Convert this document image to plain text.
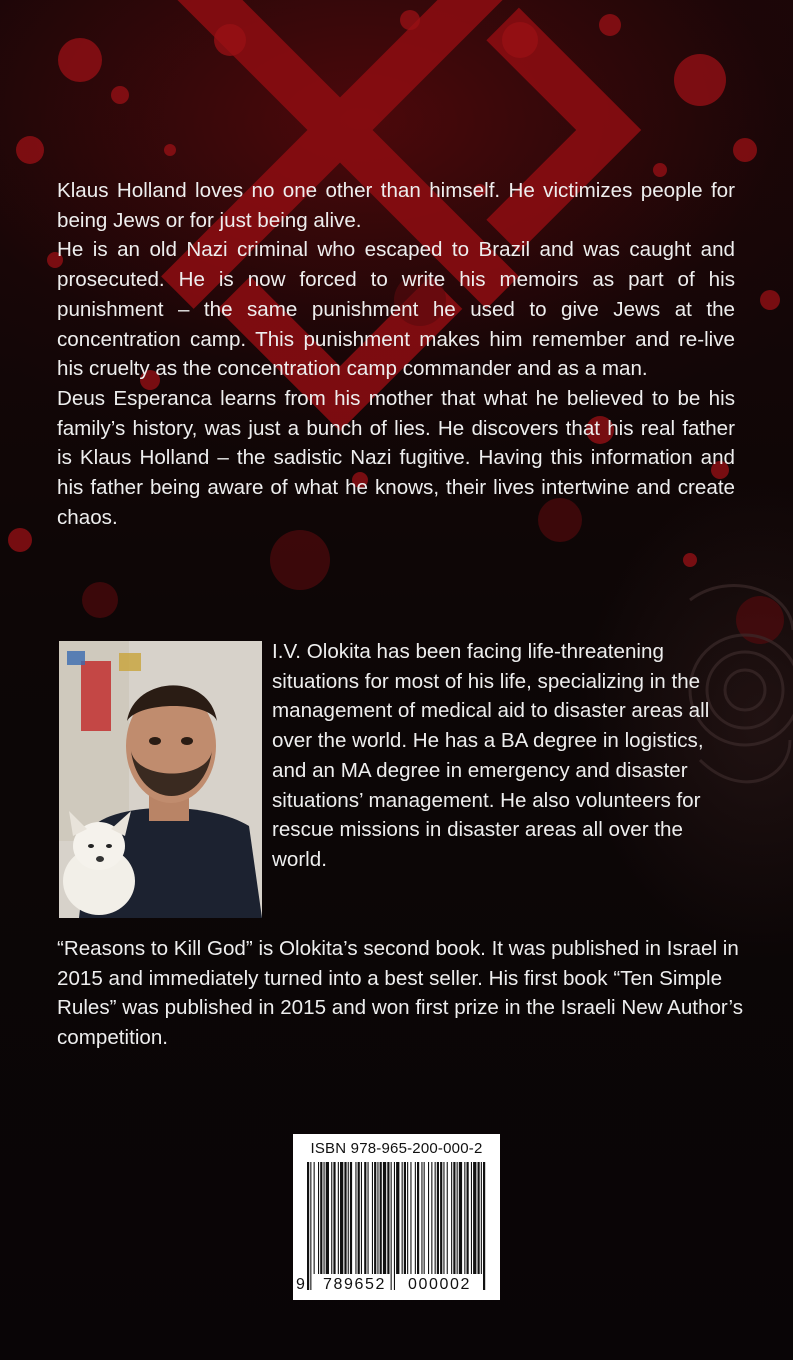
Klaus Holland loves no one other than himself. He victimizes people for being Jews or for just being alive.

He is an old Nazi criminal who escaped to Brazil and was caught and prosecuted. He is now forced to write his memoirs as part of his punishment – the same punishment he used to give Jews at the concentration camp. This punishment makes him remember and re-live his cruelty as the concentration camp commander and as a man.

Deus Esperanca learns from his mother that what he believed to be his family’s history, was just a bunch of lies. He discovers that his real father is Klaus Holland – the sadistic Nazi fugitive. Having this information and his father being aware of what he knows, their lives intertwine and create chaos.

I.V. Olokita has been facing life-threatening situations for most of his life, specializing in the management of medical aid to disaster areas all over the world. He has a BA degree in logistics, and an MA degree in emergency and disaster situations’ management. He also volunteers for rescue missions in disaster areas all over the world.

“Reasons to Kill God” is Olokita’s second book. It was published in Israel in 2015 and immediately turned into a best seller. His first book “Ten Simple Rules” was published in 2015 and won first prize in the Israeli New Author’s competition.

ISBN 978-965-200-000-2
9 789652 000002
